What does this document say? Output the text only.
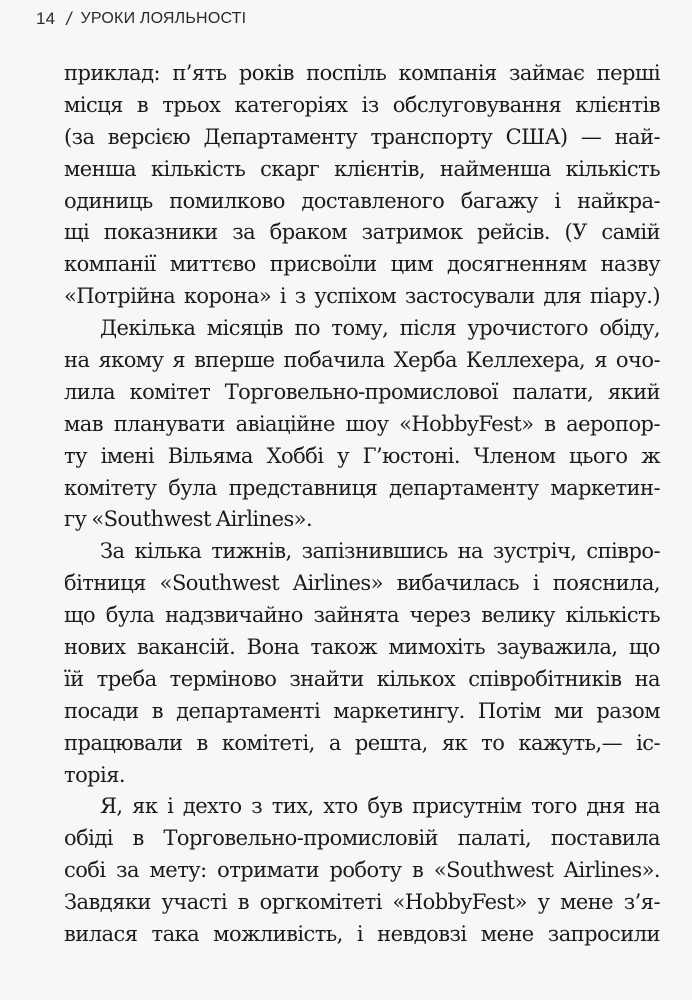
14 / УРОКИ ЛОЯЛЬНОСТІ
приклад: п’ять років поспіль компанія займає перші
місця в трьох категоріях із обслуговування клієнтів
(за версією Департаменту транспорту США) — най-
менша кількість скарг клієнтів, найменша кількість
одиниць помилково доставленого багажу і найкра-
щі показники за браком затримок рейсів. (У самій
компанії миттєво присвоїли цим досягненням назву
«Потрійна корона» і з успіхом застосували для піару.)
Декілька місяців по тому, після урочистого обіду,
на якому я вперше побачила Херба Келлехера, я очо-
лила комітет Торговельно-промислової палати, який
мав планувати авіаційне шоу «HobbyFest» в аеропор-
ту імені Вільяма Хоббі у Г’юстоні. Членом цього ж
комітету була представниця департаменту маркетин-
гу «Southwest Airlines».
За кілька тижнів, запізнившись на зустріч, співро-
бітниця «Southwest Airlines» вибачилась і пояснила,
що була надзвичайно зайнята через велику кількість
нових вакансій. Вона також мимохіть зауважила, що
їй треба терміново знайти кількох співробітників на
посади в департаменті маркетингу. Потім ми разом
працювали в комітеті, а решта, як то кажуть,— іс-
торія.
Я, як і дехто з тих, хто був присутнім того дня на
обіді в Торговельно-промисловій палаті, поставила
собі за мету: отримати роботу в «Southwest Airlines».
Завдяки участі в оргкомітеті «HobbyFest» у мене з’я-
вилася така можливість, і невдовзі мене запросили
